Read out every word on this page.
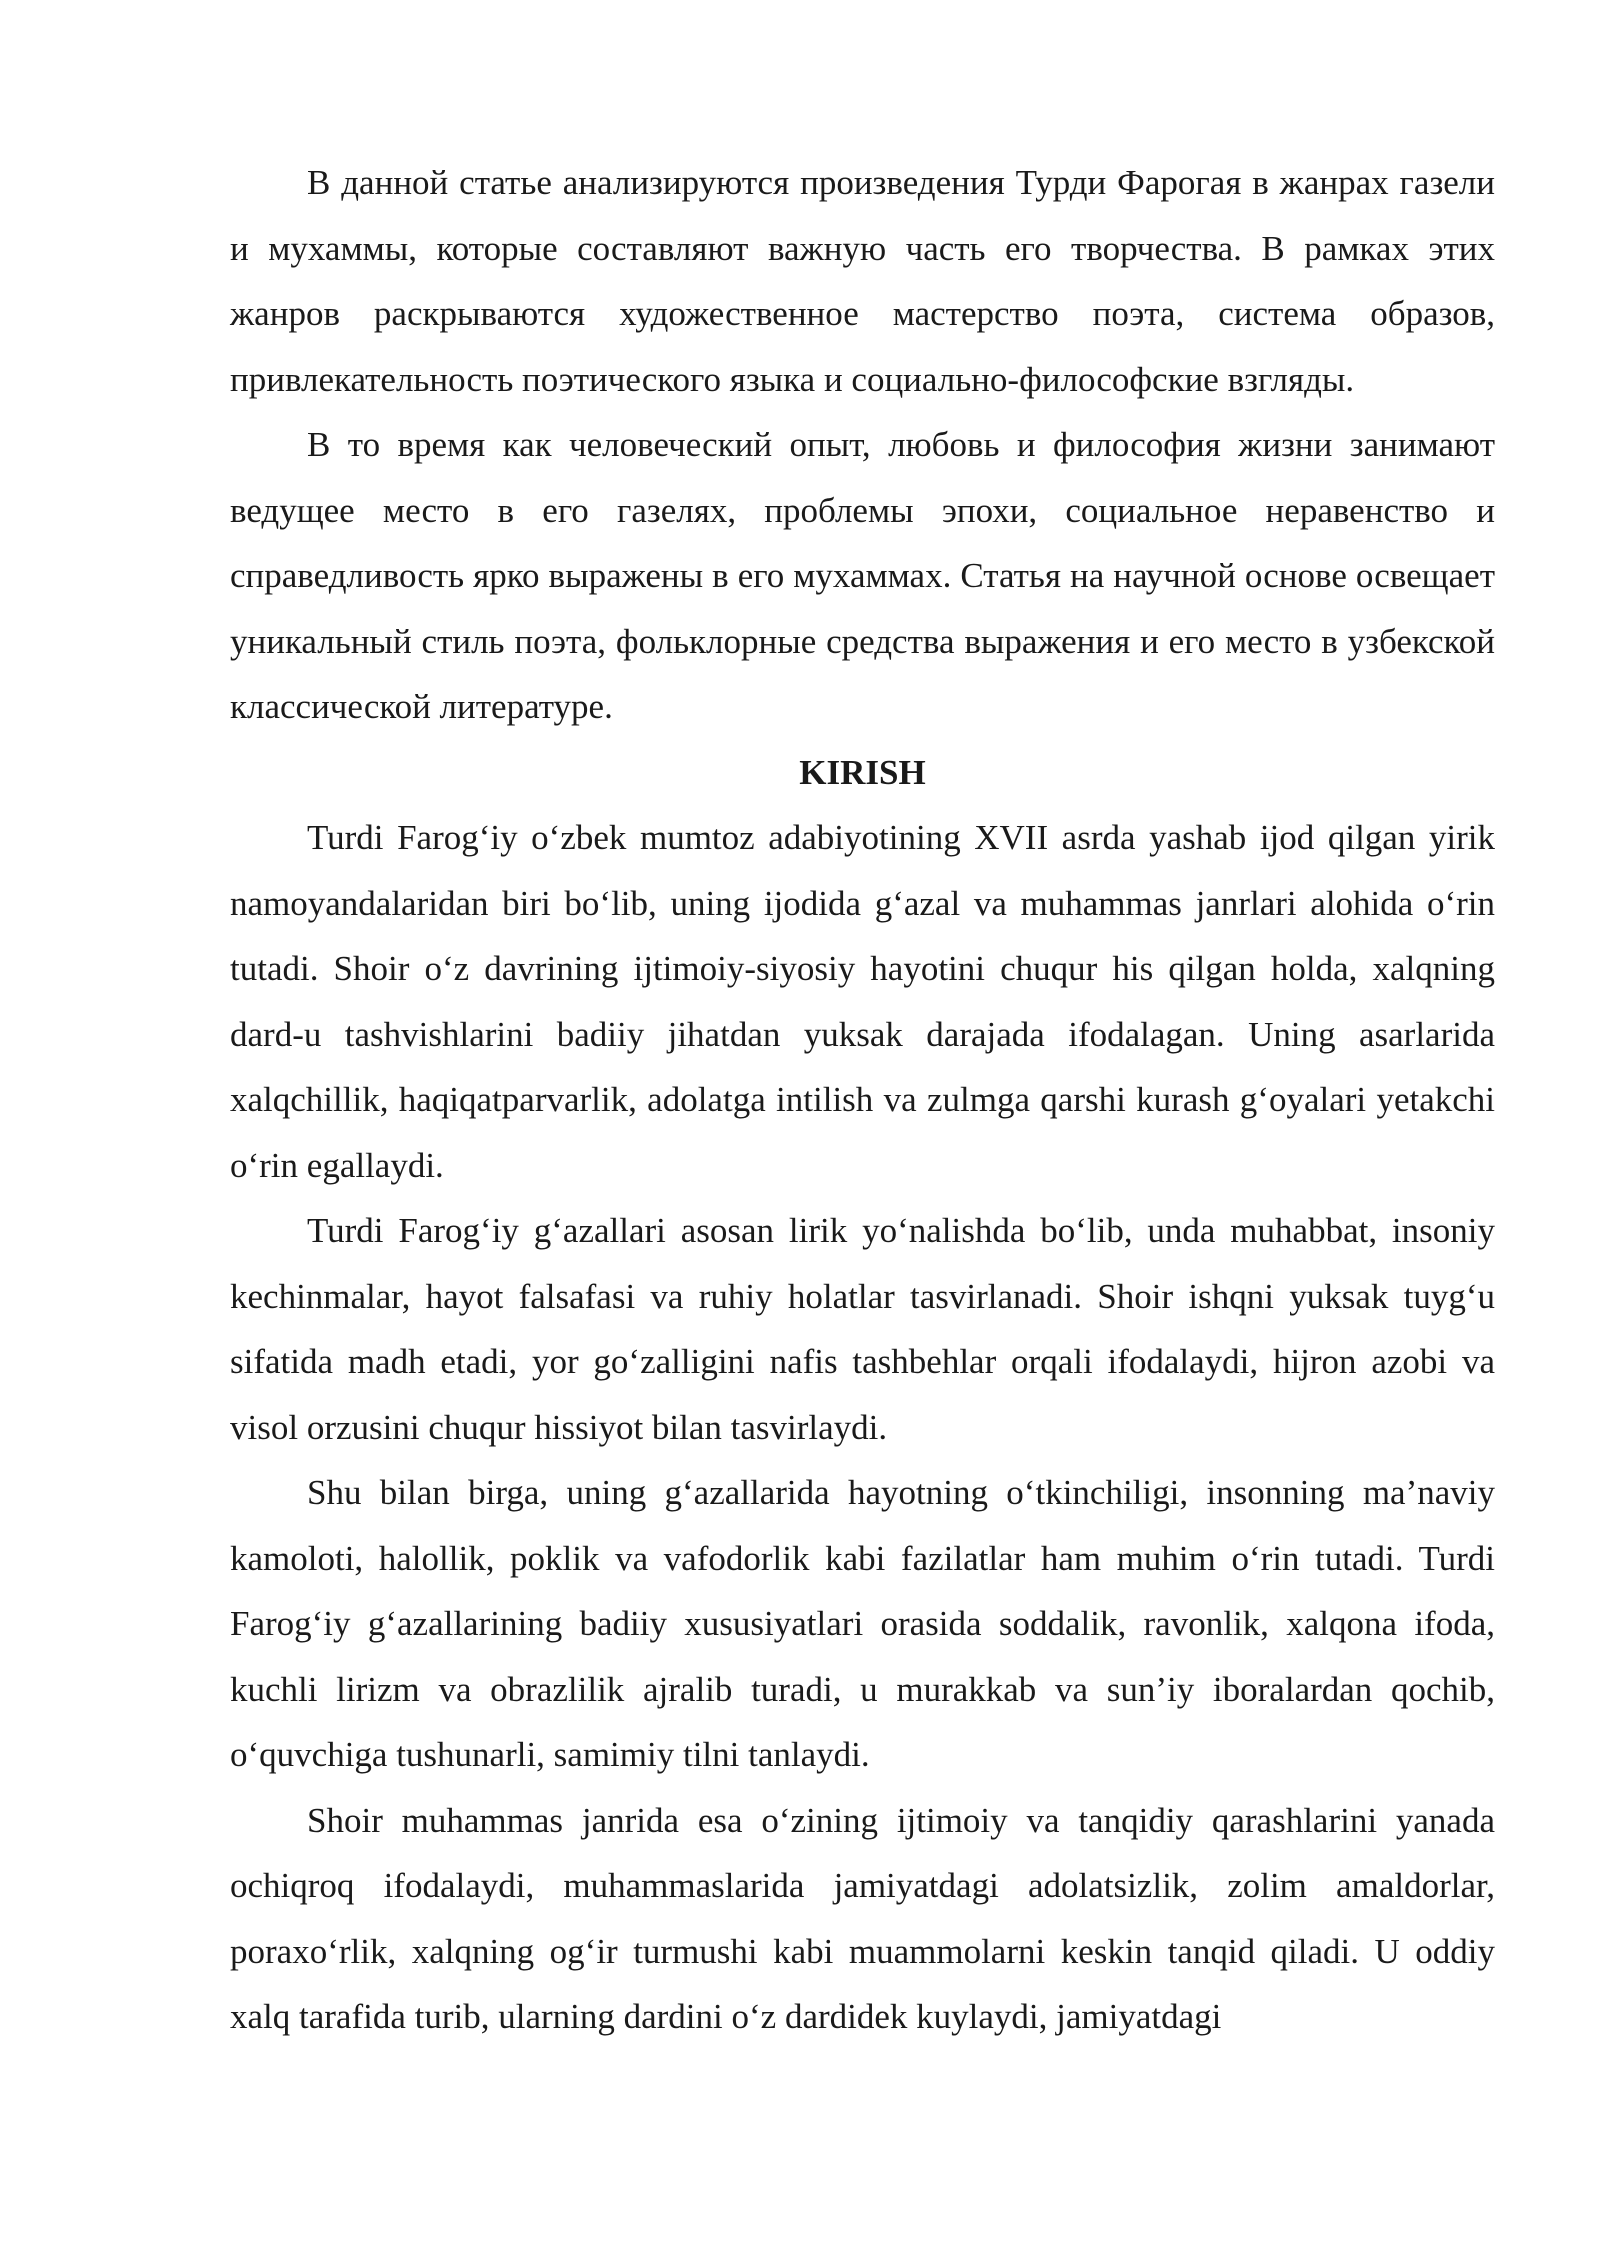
В данной статье анализируются произведения Турди Фарогая в жанрах газели и мухаммы, которые составляют важную часть его творчества. В рамках этих жанров раскрываются художественное мастерство поэта, система образов, привлекательность поэтического языка и социально-философские взгляды.

В то время как человеческий опыт, любовь и философия жизни занимают ведущее место в его газелях, проблемы эпохи, социальное неравенство и справедливость ярко выражены в его мухаммах. Статья на научной основе освещает уникальный стиль поэта, фольклорные средства выражения и его место в узбекской классической литературе.

KIRISH

Turdi Farogʻiy oʻzbek mumtoz adabiyotining XVII asrda yashab ijod qilgan yirik namoyandalaridan biri boʻlib, uning ijodida gʻazal va muhammas janrlari alohida oʻrin tutadi. Shoir oʻz davrining ijtimoiy-siyosiy hayotini chuqur his qilgan holda, xalqning dard-u tashvishlarini badiiy jihatdan yuksak darajada ifodalagan. Uning asarlarida xalqchillik, haqiqatparvarlik, adolatga intilish va zulmga qarshi kurash gʻoyalari yetakchi oʻrin egallaydi.

Turdi Farogʻiy gʻazallari asosan lirik yoʻnalishda boʻlib, unda muhabbat, insoniy kechinmalar, hayot falsafasi va ruhiy holatlar tasvirlanadi. Shoir ishqni yuksak tuygʻu sifatida madh etadi, yor goʻzalligini nafis tashbehlar orqali ifodalaydi, hijron azobi va visol orzusini chuqur hissiyot bilan tasvirlaydi.

Shu bilan birga, uning gʻazallarida hayotning oʻtkinchiligi, insonning ma’naviy kamoloti, halollik, poklik va vafodorlik kabi fazilatlar ham muhim oʻrin tutadi. Turdi Farogʻiy gʻazallarining badiiy xususiyatlari orasida soddalik, ravonlik, xalqona ifoda, kuchli lirizm va obrazlilik ajralib turadi, u murakkab va sun’iy iboralardan qochib, oʻquvchiga tushunarli, samimiy tilni tanlaydi.

Shoir muhammas janrida esa oʻzining ijtimoiy va tanqidiy qarashlarini yanada ochiqroq ifodalaydi, muhammaslarida jamiyatdagi adolatsizlik, zolim amaldorlar, poraxoʻrlik, xalqning ogʻir turmushi kabi muammolarni keskin tanqid qiladi. U oddiy xalq tarafida turib, ularning dardini oʻz dardidek kuylaydi, jamiyatdagi
